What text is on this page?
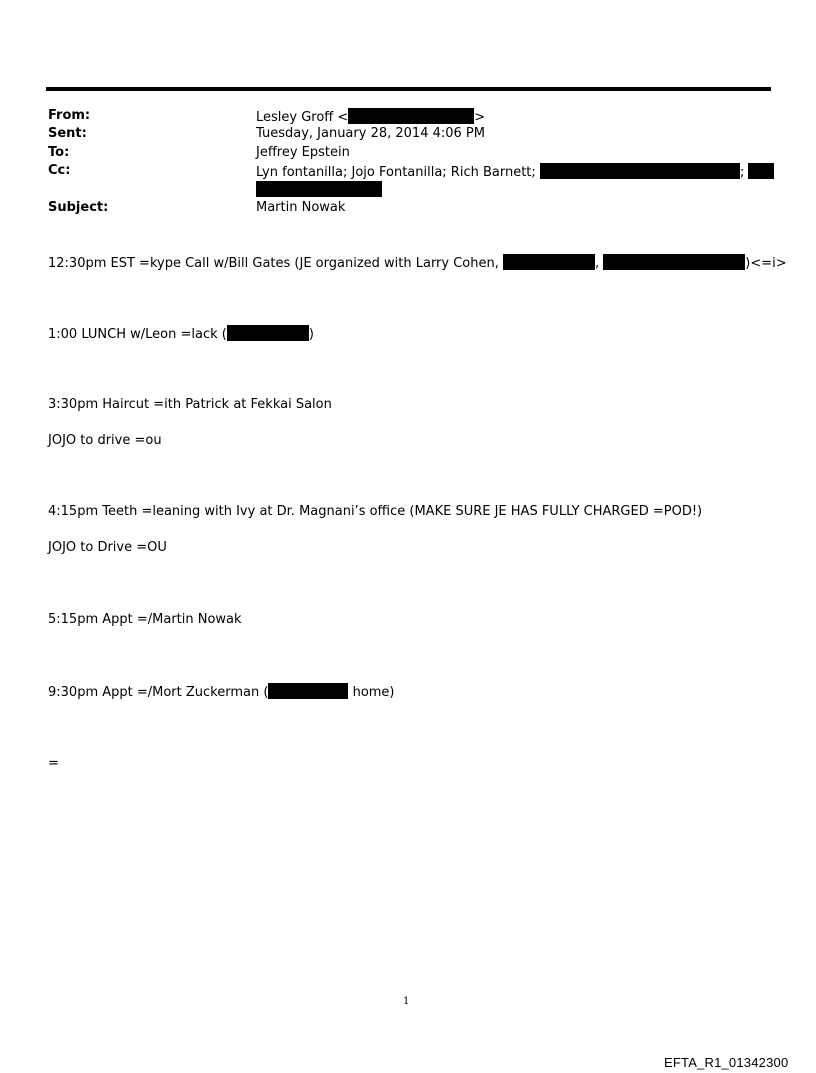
From:	Lesley Groff <	>
Sent:	Tuesday, January 28, 2014 4:06 PM
To:	Jeffrey Epstein
Cc:	Lyn fontanilla; Jojo Fontanilla; Rich Barnett;	;
Subject:	Martin Nowak
12:30pm EST =kype Call w/Bill Gates (JE organized with Larry Cohen,	,	)<=i>
1:00 LUNCH w/Leon =lack (	)
3:30pm Haircut =ith Patrick at Fekkai Salon
JOJO to drive =ou
4:15pm Teeth =leaning with Ivy at Dr. Magnani’s office (MAKE SURE JE HAS FULLY CHARGED =POD!)
JOJO to Drive =OU
5:15pm Appt =/Martin Nowak
9:30pm Appt =/Mort Zuckerman (	home)
=
1
EFTA_R1_01342300
